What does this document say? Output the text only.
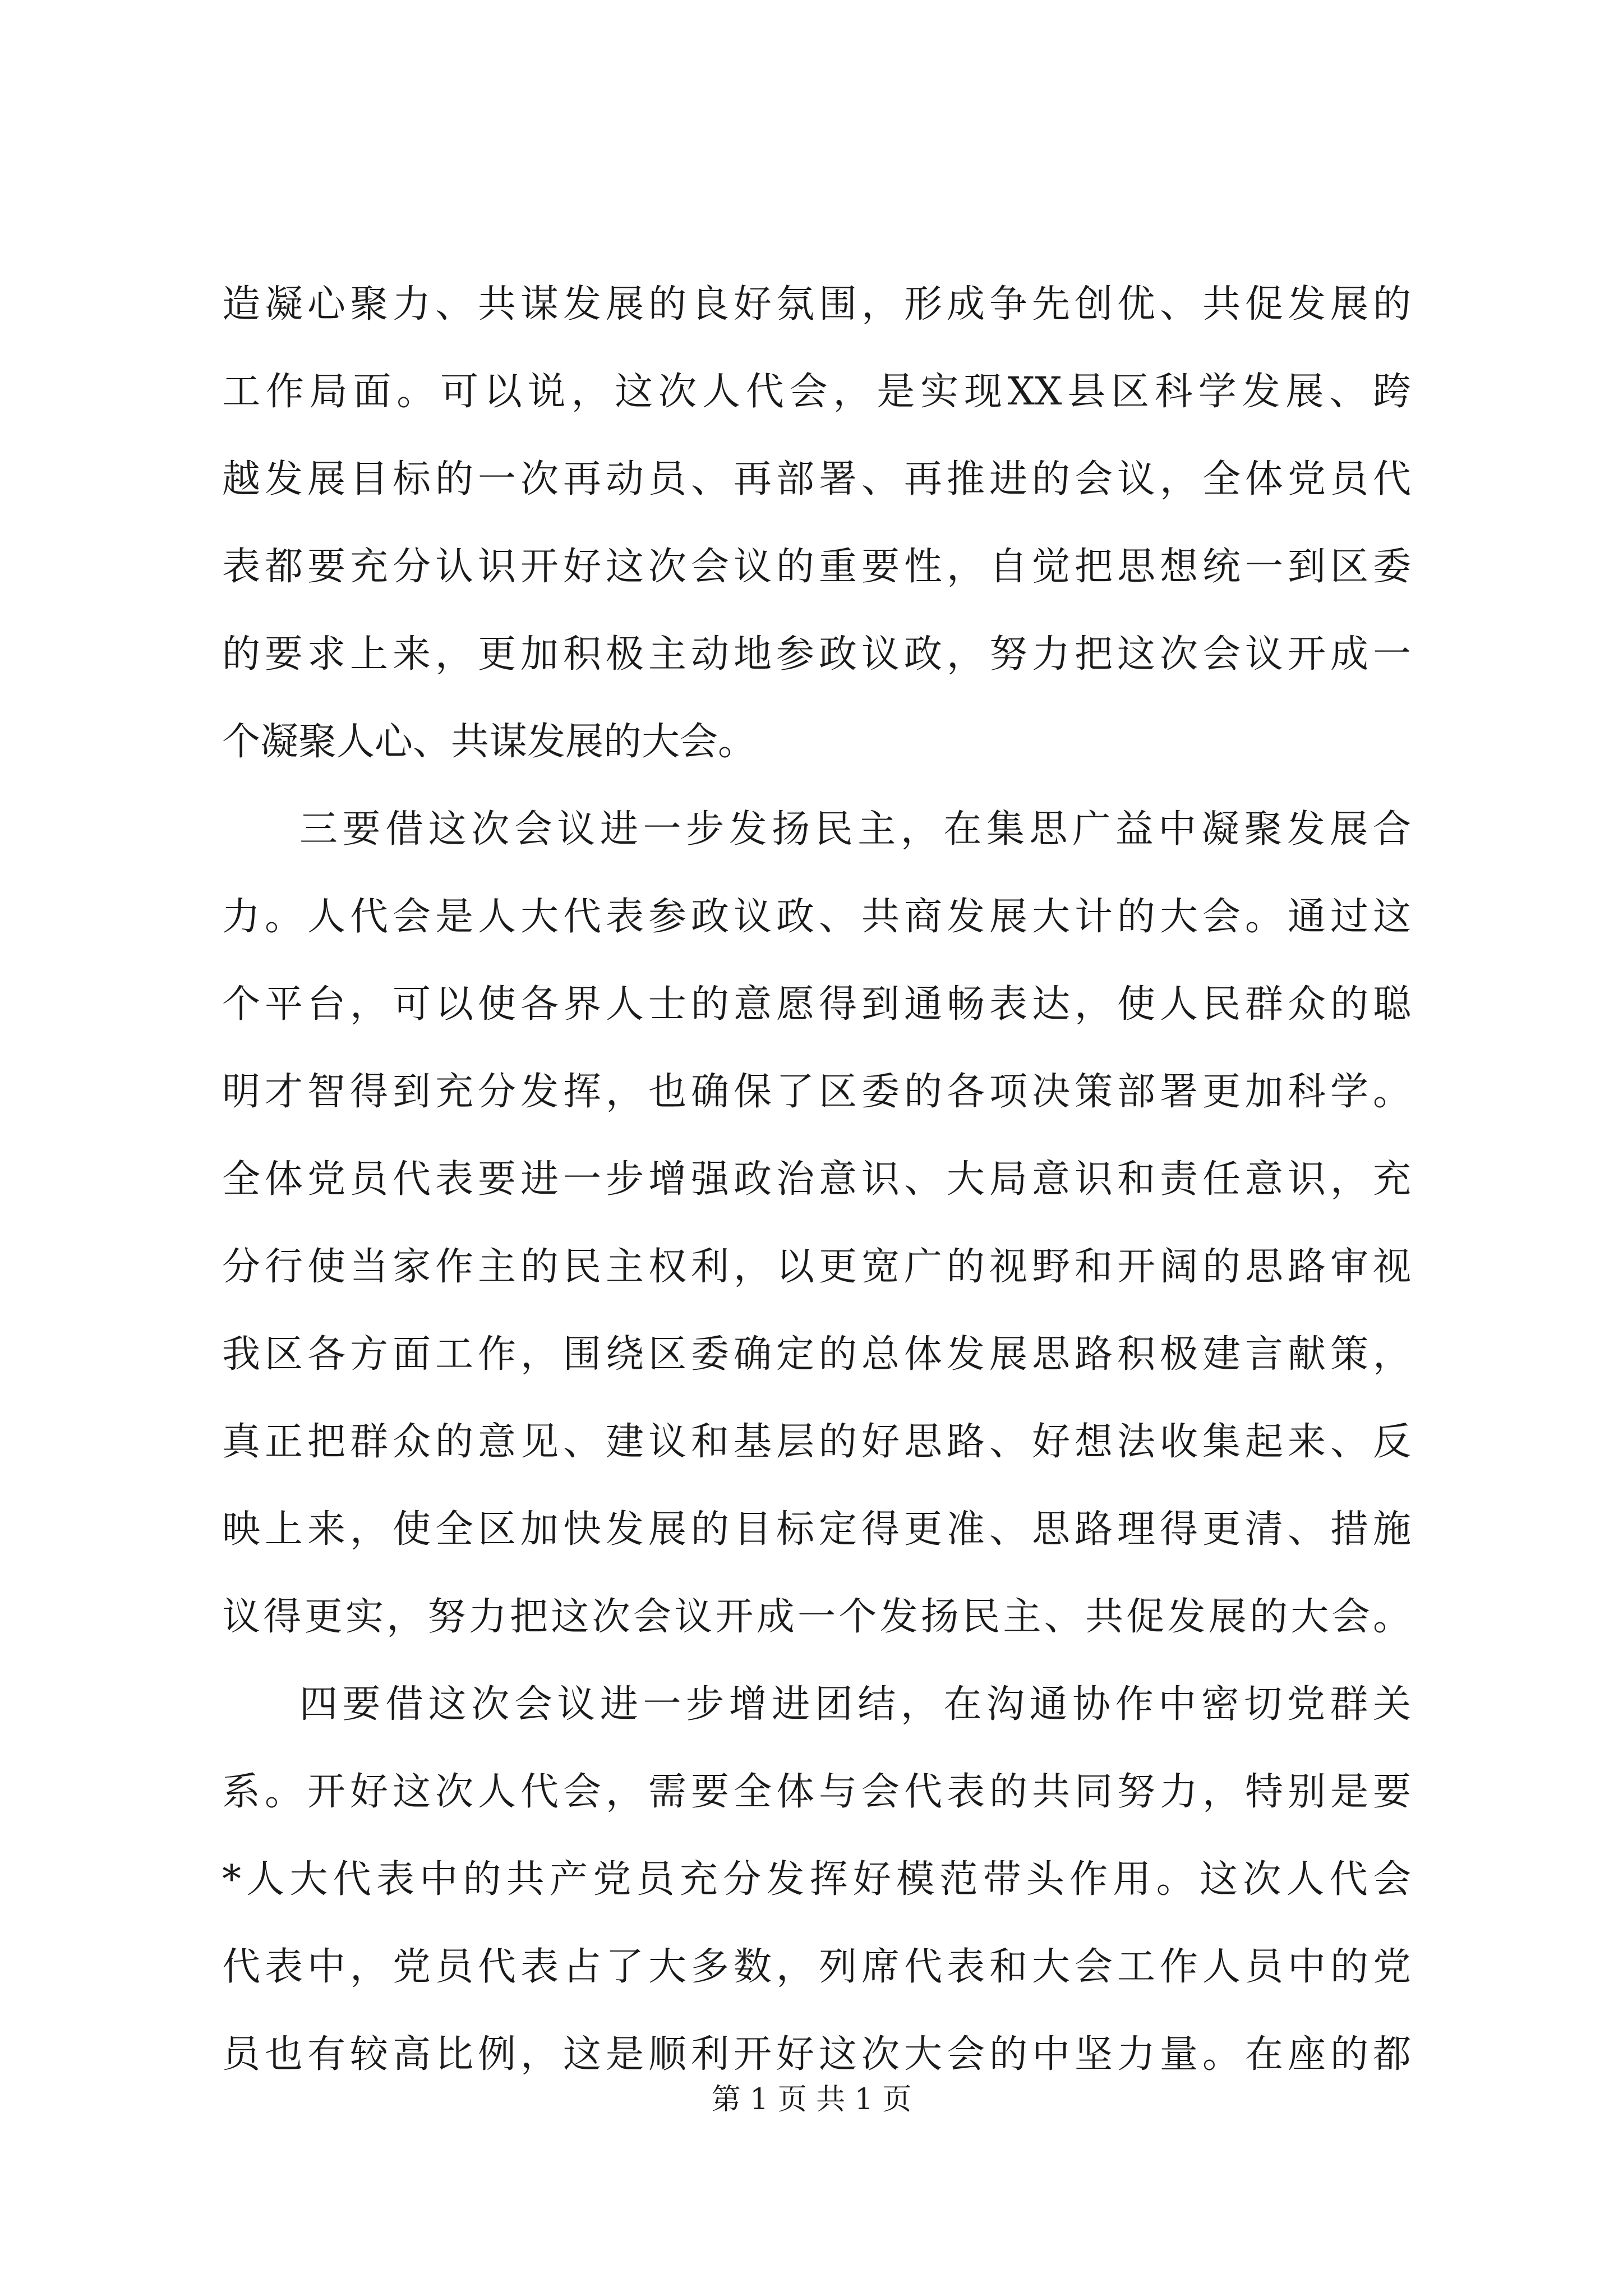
造凝心聚力、共谋发展的良好氛围，形成争先创优、共促发展的
工作局面。可以说，这次人代会，是实现XX县区科学发展、跨
越发展目标的一次再动员、再部署、再推进的会议，全体党员代
表都要充分认识开好这次会议的重要性，自觉把思想统一到区委
的要求上来，更加积极主动地参政议政，努力把这次会议开成一
个凝聚人心、共谋发展的大会。
三要借这次会议进一步发扬民主，在集思广益中凝聚发展合
力。人代会是人大代表参政议政、共商发展大计的大会。通过这
个平台，可以使各界人士的意愿得到通畅表达，使人民群众的聪
明才智得到充分发挥，也确保了区委的各项决策部署更加科学。
全体党员代表要进一步增强政治意识、大局意识和责任意识，充
分行使当家作主的民主权利，以更宽广的视野和开阔的思路审视
我区各方面工作，围绕区委确定的总体发展思路积极建言献策，
真正把群众的意见、建议和基层的好思路、好想法收集起来、反
映上来，使全区加快发展的目标定得更准、思路理得更清、措施
议得更实，努力把这次会议开成一个发扬民主、共促发展的大会。
四要借这次会议进一步增进团结，在沟通协作中密切党群关
系。开好这次人代会，需要全体与会代表的共同努力，特别是要
*人大代表中的共产党员充分发挥好模范带头作用。这次人代会
代表中，党员代表占了大多数，列席代表和大会工作人员中的党
员也有较高比例，这是顺利开好这次大会的中坚力量。在座的都
第 1 页 共 1 页
